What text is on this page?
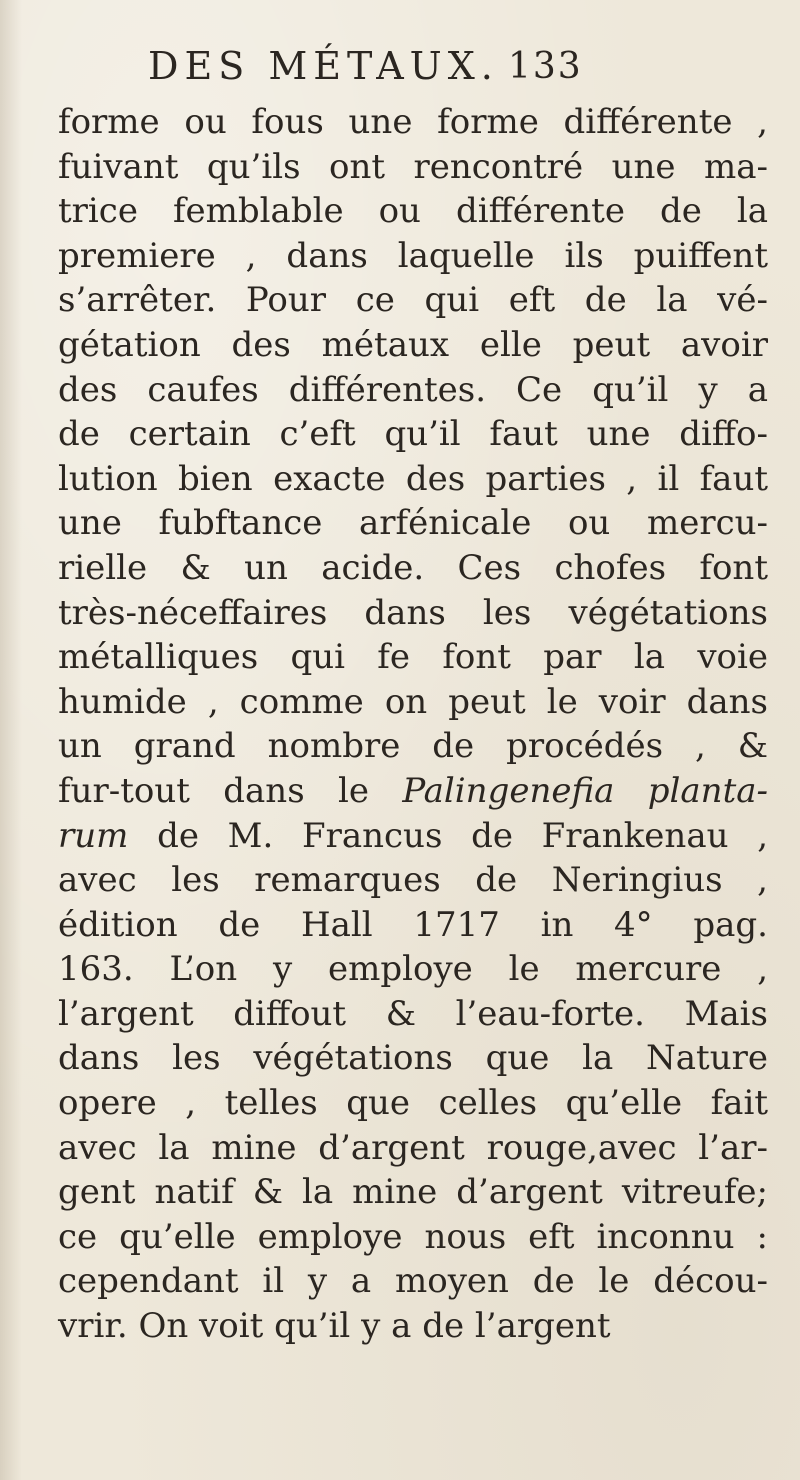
DES MÉTAUX. 133
forme ou fous une forme différente ,
fuivant qu’ils ont rencontré une ma-
trice femblable ou différente de la
premiere , dans laquelle ils puiffent
s’arrêter. Pour ce qui eft de la vé-
gétation des métaux elle peut avoir
des caufes différentes. Ce qu’il y a
de certain c’eft qu’il faut une diffo-
lution bien exacte des parties , il faut
une fubftance arfénicale ou mercu-
rielle & un acide. Ces chofes font
très-néceffaires dans les végétations
métalliques qui fe font par la voie
humide , comme on peut le voir dans
un grand nombre de procédés , &
fur-tout dans le Palingenefia planta-
rum de M. Francus de Frankenau ,
avec les remarques de Neringius ,
édition de Hall 1717 in 4° pag.
163. L’on y employe le mercure ,
l’argent diffout & l’eau-forte. Mais
dans les végétations que la Nature
opere , telles que celles qu’elle fait
avec la mine d’argent rouge,avec l’ar-
gent natif & la mine d’argent vitreufe;
ce qu’elle employe nous eft inconnu :
cependant il y a moyen de le décou-
vrir. On voit qu’il y a de l’argent
